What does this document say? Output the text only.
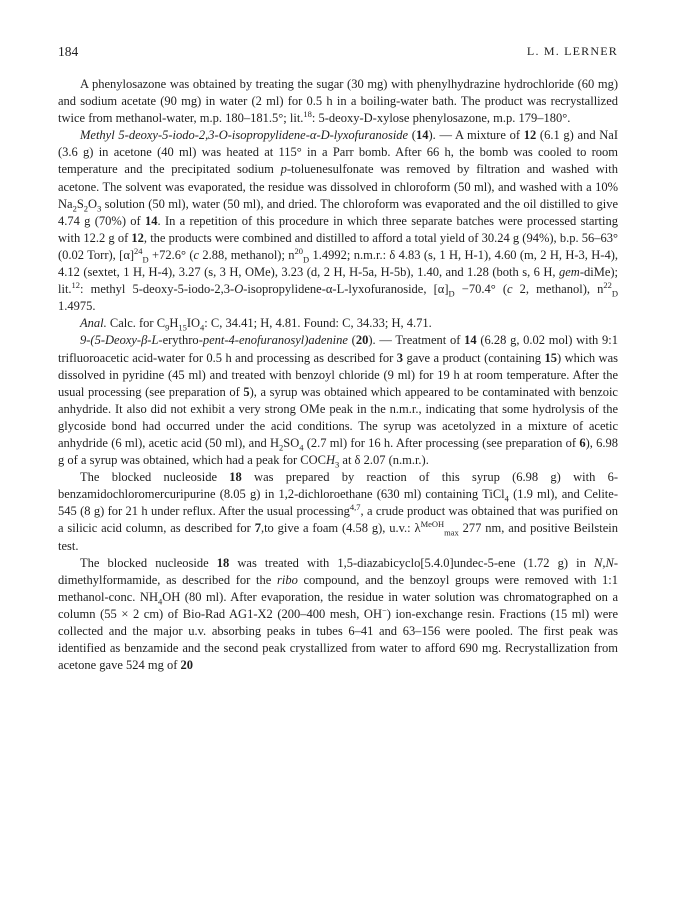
184	L. M. LERNER

A phenylosazone was obtained by treating the sugar (30 mg) with phenylhydrazine hydrochloride (60 mg) and sodium acetate (90 mg) in water (2 ml) for 0.5 h in a boiling-water bath. The product was recrystallized twice from methanol-water, m.p. 180–181.5°; lit.$^{18}$: 5-deoxy-D-xylose phenylosazone, m.p. 179–180°.

Methyl 5-deoxy-5-iodo-2,3-O-isopropylidene-α-D-lyxofuranoside (14). — A mixture of 12 (6.1 g) and NaI (3.6 g) in acetone (40 ml) was heated at 115° in a Parr bomb. After 66 h, the bomb was cooled to room temperature and the precipitated sodium p-toluenesulfonate was removed by filtration and washed with acetone. The solvent was evaporated, the residue was dissolved in chloroform (50 ml), and washed with a 10% $Na_2S_2O_3$ solution (50 ml), water (50 ml), and dried. The chloroform was evaporated and the oil distilled to give 4.74 g (70%) of 14. In a repetition of this procedure in which three separate batches were processed starting with 12.2 g of 12, the products were combined and distilled to afford a total yield of 30.24 g (94%), b.p. 56–63° (0.02 Torr), $[\alpha]^{24}_D +72.6^\circ$ (c 2.88, methanol); $n^{20}_D$ 1.4992; n.m.r.: δ 4.83 (s, 1 H, H-1), 4.60 (m, 2 H, H-3, H-4), 4.12 (sextet, 1 H, H-4), 3.27 (s, 3 H, OMe), 3.23 (d, 2 H, H-5a, H-5b), 1.40, and 1.28 (both s, 6 H, gem-diMe); lit.$^{12}$: methyl 5-deoxy-5-iodo-2,3-O-isopropylidene-α-L-lyxofuranoside, $[\alpha]_D -70.4^\circ$ (c 2, methanol), $n^{22}_D$ 1.4975.

Anal. Calc. for $C_9H_{15}IO_4$: C, 34.41; H, 4.81. Found: C, 34.33; H, 4.71.

9-(5-Deoxy-β-L-erythro-pent-4-enofuranosyl)adenine (20). — Treatment of 14 (6.28 g, 0.02 mol) with 9:1 trifluoroacetic acid-water for 0.5 h and processing as described for 3 gave a product (containing 15) which was dissolved in pyridine (45 ml) and treated with benzoyl chloride (9 ml) for 19 h at room temperature. After the usual processing (see preparation of 5), a syrup was obtained which appeared to be contaminated with benzoic anhydride. It also did not exhibit a very strong OMe peak in the n.m.r., indicating that some hydrolysis of the glycoside bond had occurred under the acid conditions. The syrup was acetolyzed in a mixture of acetic anhydride (6 ml), acetic acid (50 ml), and $H_2SO_4$ (2.7 ml) for 16 h. After processing (see preparation of 6), 6.98 g of a syrup was obtained, which had a peak for $COCH_3$ at δ 2.07 (n.m.r.).

The blocked nucleoside 18 was prepared by reaction of this syrup (6.98 g) with 6-benzamidochloromercuripurine (8.05 g) in 1,2-dichloroethane (630 ml) containing TiCl$_4$ (1.9 ml), and Celite-545 (8 g) for 21 h under reflux. After the usual processing$^{4,7}$, a crude product was obtained that was purified on a silicic acid column, as described for 7,to give a foam (4.58 g), u.v.: $\lambda^{MeOH}_{max}$ 277 nm, and positive Beilstein test.

The blocked nucleoside 18 was treated with 1,5-diazabicyclo[5.4.0]undec-5-ene (1.72 g) in N,N-dimethylformamide, as described for the ribo compound, and the benzoyl groups were removed with 1:1 methanol-conc. $NH_4OH$ (80 ml). After evaporation, the residue in water solution was chromatographed on a column (55 × 2 cm) of Bio-Rad AG1-X2 (200–400 mesh, OH−) ion-exchange resin. Fractions (15 ml) were collected and the major u.v. absorbing peaks in tubes 6–41 and 63–156 were pooled. The first peak was identified as benzamide and the second peak crystallized from water to afford 690 mg. Recrystallization from acetone gave 524 mg of 20
